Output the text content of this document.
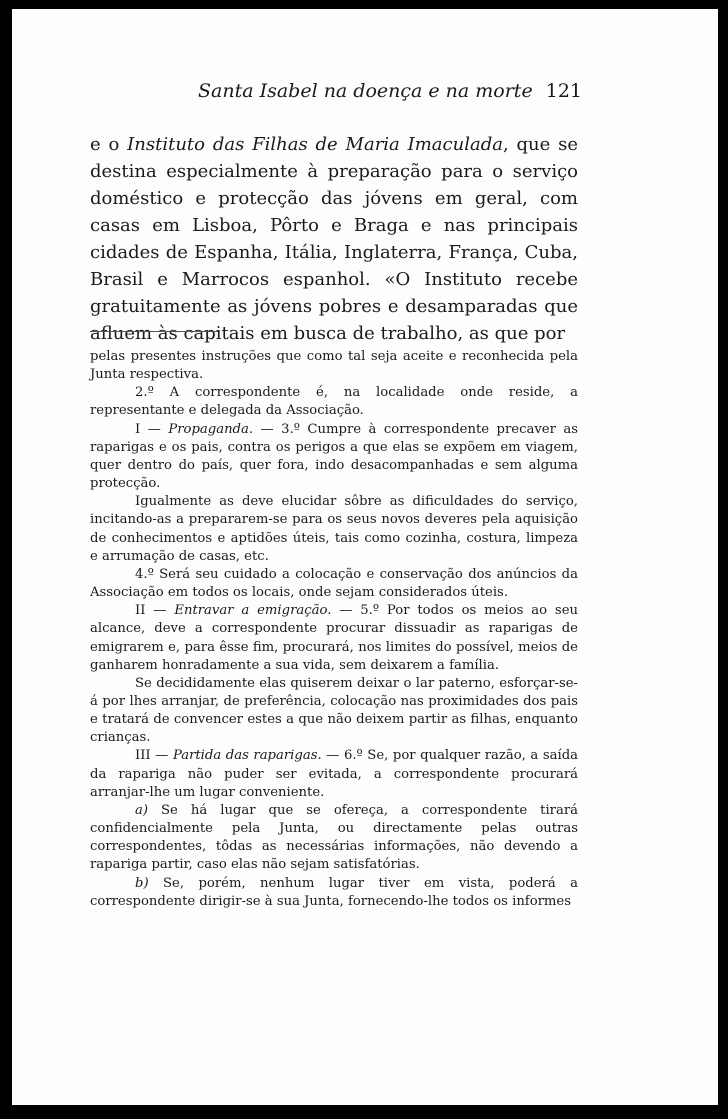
Santa Isabel na doença e na morte 121

e o Instituto das Filhas de Maria Imaculada, que se destina especialmente à preparação para o serviço doméstico e protecção das jóvens em geral, com casas em Lisboa, Pôrto e Braga e nas principais cidades de Espanha, Itália, Inglaterra, França, Cuba, Brasil e Marrocos espanhol. «O Instituto recebe gratuitamente as jóvens pobres e desamparadas que afluem às capitais em busca de trabalho, as que por

pelas presentes instruções que como tal seja aceite e reconhecida pela Junta respectiva.

2.º A correspondente é, na localidade onde reside, a representante e delegada da Associação.

I — Propaganda. — 3.º Cumpre à correspondente precaver as raparigas e os pais, contra os perigos a que elas se expõem em viagem, quer dentro do país, quer fora, indo desacompanhadas e sem alguma protecção.

Igualmente as deve elucidar sôbre as dificuldades do serviço, incitando-as a prepararem-se para os seus novos deveres pela aquisição de conhecimentos e aptidões úteis, tais como cozinha, costura, limpeza e arrumação de casas, etc.

4.º Será seu cuidado a colocação e conservação dos anúncios da Associação em todos os locais, onde sejam considerados úteis.

II — Entravar a emigração. — 5.º Por todos os meios ao seu alcance, deve a correspondente procurar dissuadir as raparigas de emigrarem e, para êsse fim, procurará, nos limites do possível, meios de ganharem honradamente a sua vida, sem deixarem a família.

Se decididamente elas quiserem deixar o lar paterno, esforçar-se-á por lhes arranjar, de preferência, colocação nas proximidades dos pais e tratará de convencer estes a que não deixem partir as filhas, enquanto crianças.

III — Partida das raparigas. — 6.º Se, por qualquer razão, a saída da rapariga não puder ser evitada, a correspondente procurará arranjar-lhe um lugar conveniente.

a) Se há lugar que se ofereça, a correspondente tirará confidencialmente pela Junta, ou directamente pelas outras correspondentes, tôdas as necessárias informações, não devendo a rapariga partir, caso elas não sejam satisfatórias.

b) Se, porém, nenhum lugar tiver em vista, poderá a correspondente dirigir-se à sua Junta, fornecendo-lhe todos os informes
